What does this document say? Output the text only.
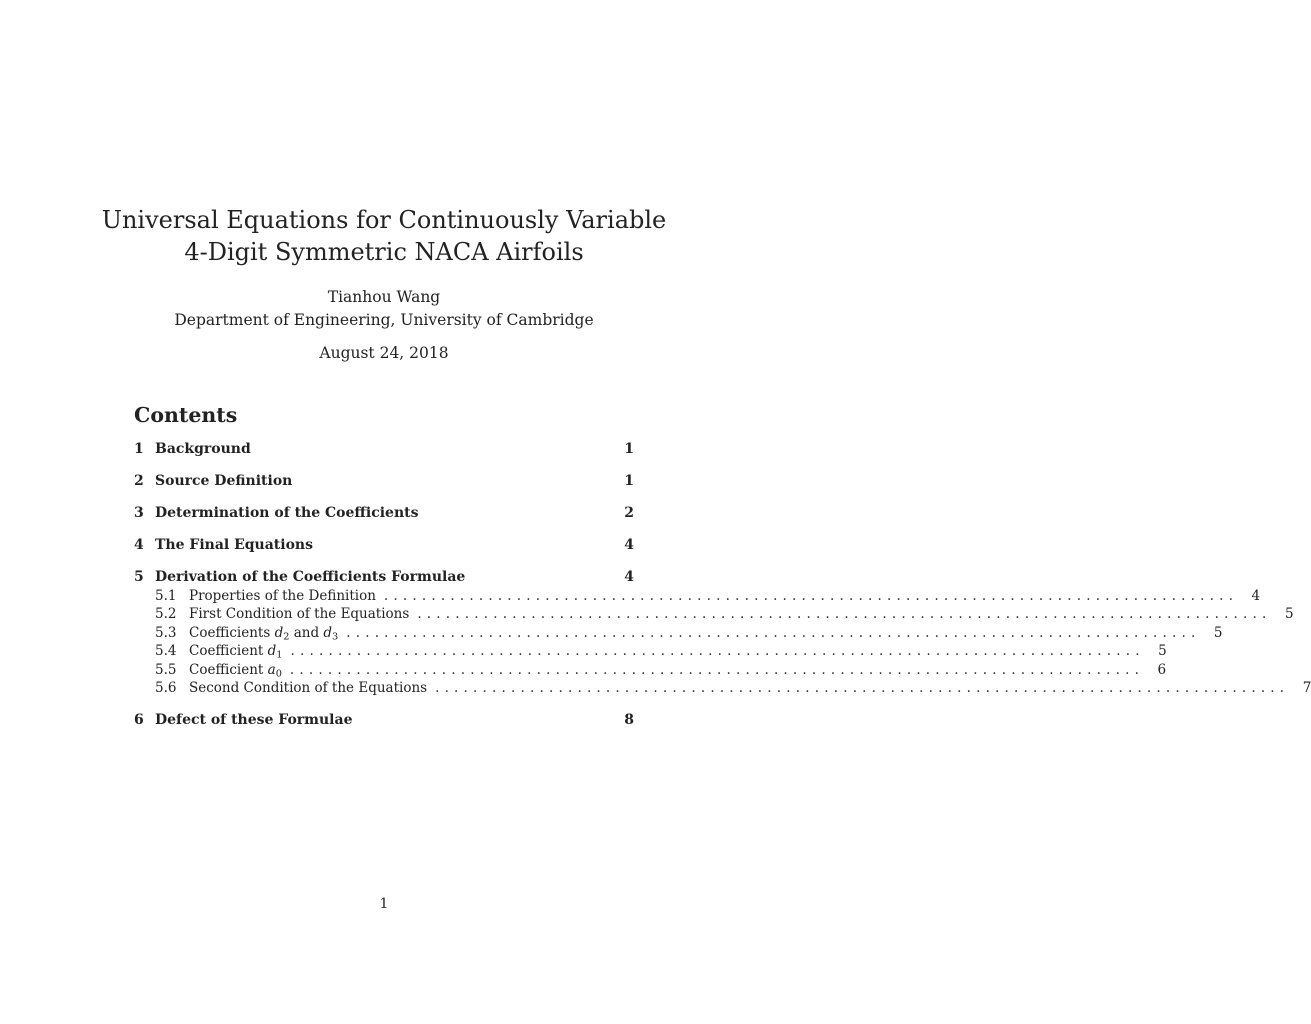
Universal Equations for Continuously Variable
4-Digit Symmetric NACA Airfoils
Tianhou Wang
Department of Engineering, University of Cambridge
August 24, 2018
Contents
1 Background	1
2 Source Definition	1
3 Determination of the Coefficients	2
4 The Final Equations	4
5 Derivation of the Coefficients Formulae	4
5.1 Properties of the Definition .......................................................................................... 4
5.2 First Condition of the Equations .......................................................................................... 5
5.3 Coefficients $d_2$ and $d_3$ .......................................................................................... 5
5.4 Coefficient $d_1$ .......................................................................................... 5
5.5 Coefficient $a_0$ .......................................................................................... 6
5.6 Second Condition of the Equations .......................................................................................... 7
6 Defect of these Formulae	8
1
